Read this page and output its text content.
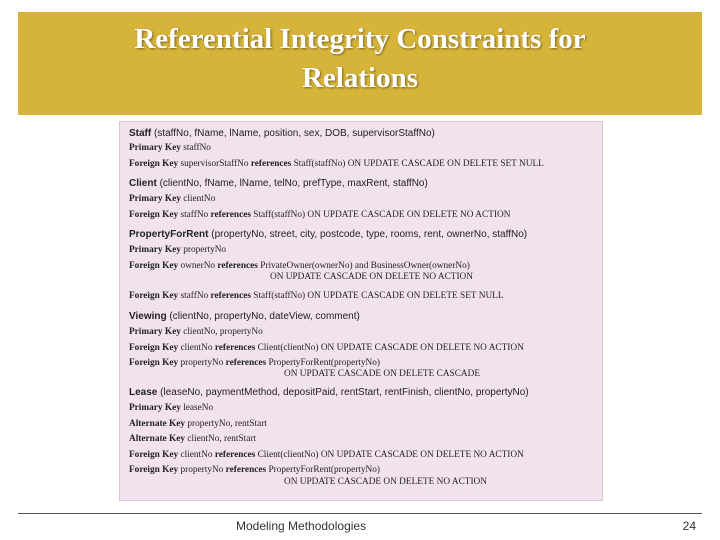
Referential Integrity Constraints for
Relations
Staff (staffNo, fName, lName, position, sex, DOB, supervisorStaffNo)
Primary Key staffNo
Foreign Key supervisorStaffNo references Staff(staffNo) ON UPDATE CASCADE ON DELETE SET NULL
Client (clientNo, fName, lName, telNo, prefType, maxRent, staffNo)
Primary Key clientNo
Foreign Key staffNo references Staff(staffNo) ON UPDATE CASCADE ON DELETE NO ACTION
PropertyForRent (propertyNo, street, city, postcode, type, rooms, rent, ownerNo, staffNo)
Primary Key propertyNo
Foreign Key ownerNo references PrivateOwner(ownerNo) and BusinessOwner(ownerNo)
ON UPDATE CASCADE ON DELETE NO ACTION
Foreign Key staffNo references Staff(staffNo) ON UPDATE CASCADE ON DELETE SET NULL
Viewing (clientNo, propertyNo, dateView, comment)
Primary Key clientNo, propertyNo
Foreign Key clientNo references Client(clientNo) ON UPDATE CASCADE ON DELETE NO ACTION
Foreign Key propertyNo references PropertyForRent(propertyNo)
ON UPDATE CASCADE ON DELETE CASCADE
Lease (leaseNo, paymentMethod, depositPaid, rentStart, rentFinish, clientNo, propertyNo)
Primary Key leaseNo
Alternate Key propertyNo, rentStart
Alternate Key clientNo, rentStart
Foreign Key clientNo references Client(clientNo) ON UPDATE CASCADE ON DELETE NO ACTION
Foreign Key propertyNo references PropertyForRent(propertyNo)
ON UPDATE CASCADE ON DELETE NO ACTION
Modeling Methodologies	24
